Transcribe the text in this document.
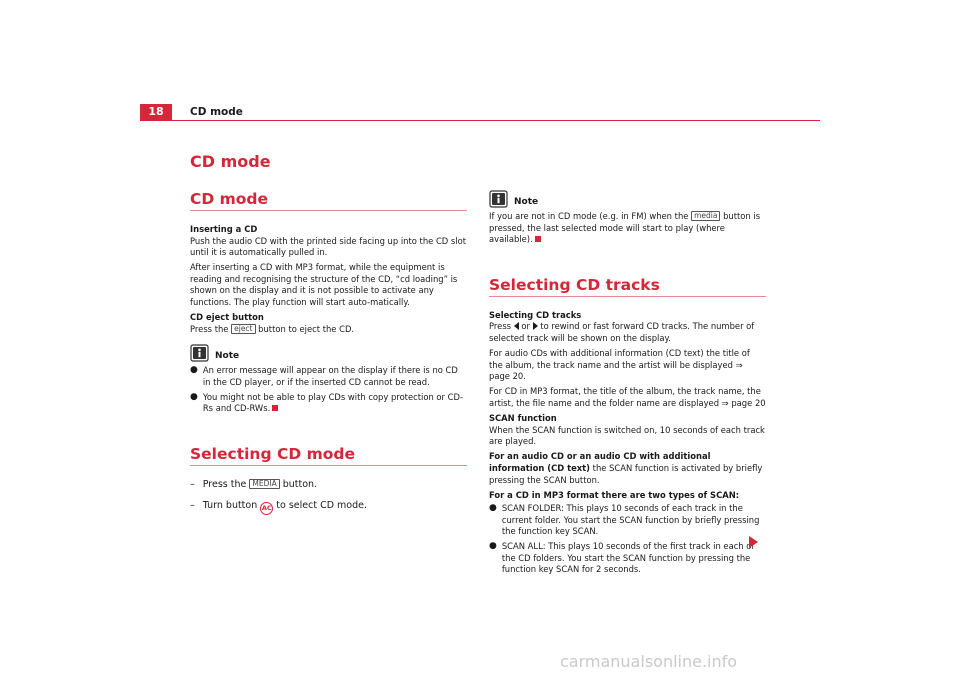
18	CD mode
CD mode
CD mode

Inserting a CD

Push the audio CD with the printed side facing up into the CD slot until it is automatically pulled in.

After inserting a CD with MP3 format, while the equipment is reading and recognising the structure of the CD, “cd loading” is shown on the display and it is not possible to activate any functions. The play function will start auto-matically.

CD eject button

Press the eject button to eject the CD.

Note
● An error message will appear on the display if there is no CD in the CD player, or if the inserted CD cannot be read.
● You might not be able to play CDs with copy protection or CD-Rs and CD-RWs.
Selecting CD mode
– Press the MEDIA button.
– Turn button AC to select CD mode.
Note

If you are not in CD mode (e.g. in FM) when the media button is pressed, the last selected mode will start to play (where available).

Selecting CD tracks

Selecting CD tracks

Press  or  to rewind or fast forward CD tracks. The number of selected track will be shown on the display.

For audio CDs with additional information (CD text) the title of the album, the track name and the artist will be displayed ⇒ page 20.

For CD in MP3 format, the title of the album, the track name, the artist, the file name and the folder name are displayed ⇒ page 20

SCAN function

When the SCAN function is switched on, 10 seconds of each track are played.

For an audio CD or an audio CD with additional information (CD text) the SCAN function is activated by briefly pressing the SCAN button.

For a CD in MP3 format there are two types of SCAN:

● SCAN FOLDER: This plays 10 seconds of each track in the current folder. You start the SCAN function by briefly pressing the function key SCAN.
● SCAN ALL: This plays 10 seconds of the first track in each of the CD folders. You start the SCAN function by pressing the function key SCAN for 2 seconds.
carmanualsonline.info
